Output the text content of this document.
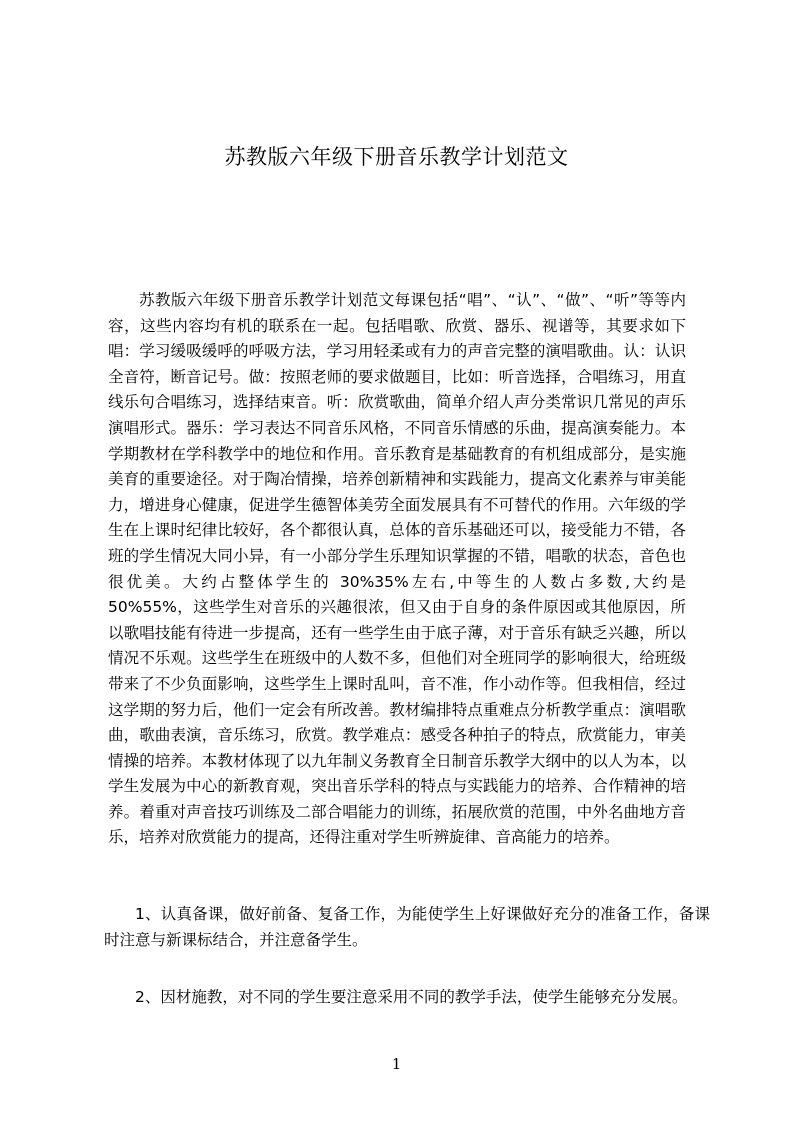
苏教版六年级下册音乐教学计划范文

苏教版六年级下册音乐教学计划范文每课包括“唱”、“认”、“做”、“听”等等内容，这些内容均有机的联系在一起。包括唱歌、欣赏、器乐、视谱等，其要求如下唱：学习缓吸缓呼的呼吸方法，学习用轻柔或有力的声音完整的演唱歌曲。认：认识全音符，断音记号。做：按照老师的要求做题目，比如：听音选择，合唱练习，用直线乐句合唱练习，选择结束音。听：欣赏歌曲，简单介绍人声分类常识几常见的声乐演唱形式。器乐：学习表达不同音乐风格，不同音乐情感的乐曲，提高演奏能力。本学期教材在学科教学中的地位和作用。音乐教育是基础教育的有机组成部分，是实施美育的重要途径。对于陶冶情操，培养创新精神和实践能力，提高文化素养与审美能力，增进身心健康，促进学生德智体美劳全面发展具有不可替代的作用。六年级的学生在上课时纪律比较好，各个都很认真，总体的音乐基础还可以，接受能力不错，各班的学生情况大同小异，有一小部分学生乐理知识掌握的不错，唱歌的状态，音色也很优美。大约占整体学生的 30%35%左右,中等生的人数占多数,大约是　 50%55%，这些学生对音乐的兴趣很浓，但又由于自身的条件原因或其他原因，所以歌唱技能有待进一步提高，还有一些学生由于底子薄，对于音乐有缺乏兴趣，所以情况不乐观。这些学生在班级中的人数不多，但他们对全班同学的影响很大，给班级带来了不少负面影响，这些学生上课时乱叫，音不准，作小动作等。但我相信，经过这学期的努力后，他们一定会有所改善。教材编排特点重难点分析教学重点：演唱歌曲，歌曲表演，音乐练习，欣赏。教学难点：感受各种拍子的特点，欣赏能力，审美情操的培养。本教材体现了以九年制义务教育全日制音乐教学大纲中的以人为本，以学生发展为中心的新教育观，突出音乐学科的特点与实践能力的培养、合作精神的培养。着重对声音技巧训练及二部合唱能力的训练，拓展欣赏的范围，中外名曲地方音乐，培养对欣赏能力的提高，还得注重对学生听辨旋律、音高能力的培养。

1、认真备课，做好前备、复备工作，为能使学生上好课做好充分的准备工作，备课时注意与新课标结合，并注意备学生。

2、因材施教，对不同的学生要注意采用不同的教学手法，使学生能够充分发展。

1
